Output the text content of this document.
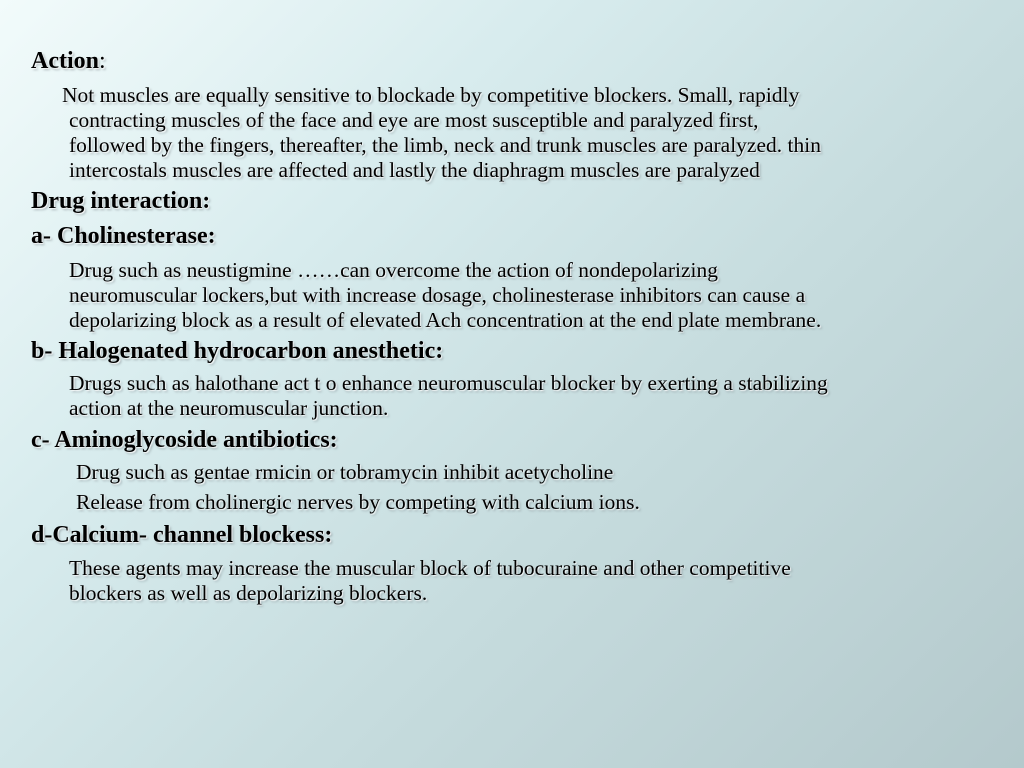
Action:
Not muscles are equally sensitive to blockade by competitive blockers. Small, rapidly
contracting muscles of the face and eye are most susceptible and paralyzed first,
followed by the fingers, thereafter, the limb, neck and trunk muscles are paralyzed. thin
intercostals muscles are affected and lastly the diaphragm muscles are paralyzed
Drug interaction:
a- Cholinesterase:
Drug such as neustigmine ……can overcome the action of nondepolarizing
neuromuscular lockers,but with increase dosage, cholinesterase inhibitors can cause a
depolarizing block as a result of elevated Ach concentration at the end plate membrane.
b- Halogenated hydrocarbon anesthetic:
Drugs such as halothane act t o enhance neuromuscular blocker by exerting a stabilizing
action at the neuromuscular junction.
c- Aminoglycoside antibiotics:
Drug such as gentae rmicin or tobramycin inhibit acetycholine
Release from cholinergic nerves by competing with calcium ions.
d-Calcium- channel blockess:
These agents may increase the muscular block of tubocuraine and other competitive
blockers as well as depolarizing blockers.
